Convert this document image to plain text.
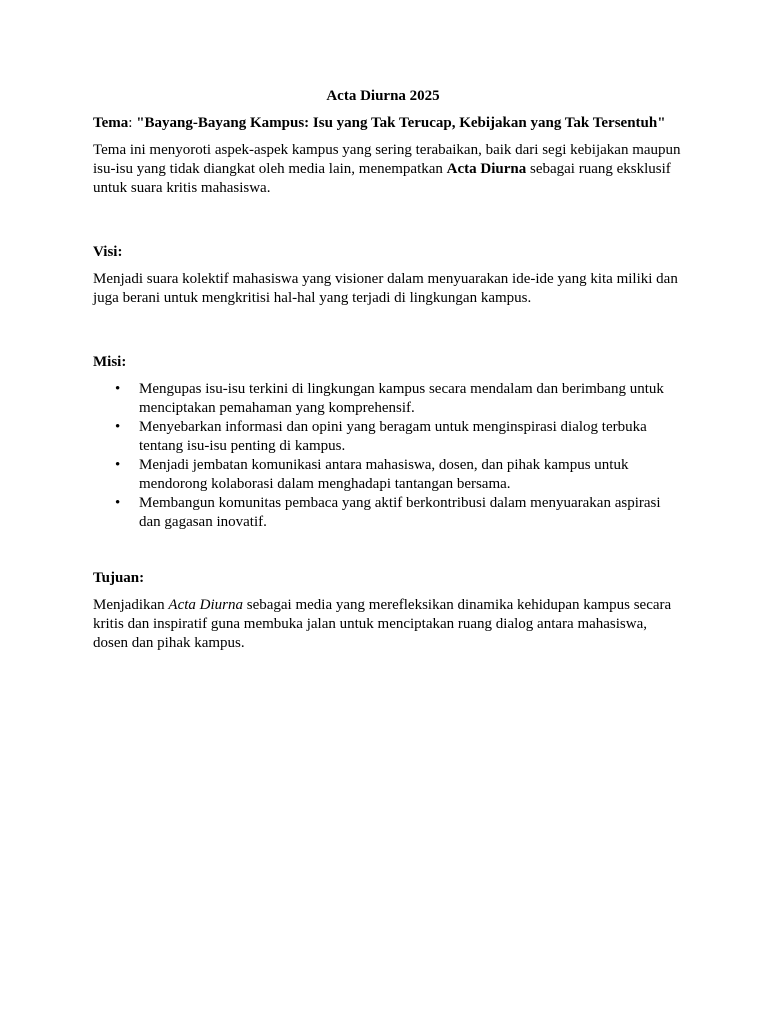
Acta Diurna 2025

Tema: "Bayang-Bayang Kampus: Isu yang Tak Terucap, Kebijakan yang Tak Tersentuh"

Tema ini menyoroti aspek-aspek kampus yang sering terabaikan, baik dari segi kebijakan maupun isu-isu yang tidak diangkat oleh media lain, menempatkan Acta Diurna sebagai ruang eksklusif untuk suara kritis mahasiswa.

Visi:

Menjadi suara kolektif mahasiswa yang visioner dalam menyuarakan ide-ide yang kita miliki dan juga berani untuk mengkritisi hal-hal yang terjadi di lingkungan kampus.

Misi:

• Mengupas isu-isu terkini di lingkungan kampus secara mendalam dan berimbang untuk menciptakan pemahaman yang komprehensif.
• Menyebarkan informasi dan opini yang beragam untuk menginspirasi dialog terbuka tentang isu-isu penting di kampus.
• Menjadi jembatan komunikasi antara mahasiswa, dosen, dan pihak kampus untuk mendorong kolaborasi dalam menghadapi tantangan bersama.
• Membangun komunitas pembaca yang aktif berkontribusi dalam menyuarakan aspirasi dan gagasan inovatif.

Tujuan:

Menjadikan Acta Diurna sebagai media yang merefleksikan dinamika kehidupan kampus secara kritis dan inspiratif guna membuka jalan untuk menciptakan ruang dialog antara mahasiswa, dosen dan pihak kampus.
